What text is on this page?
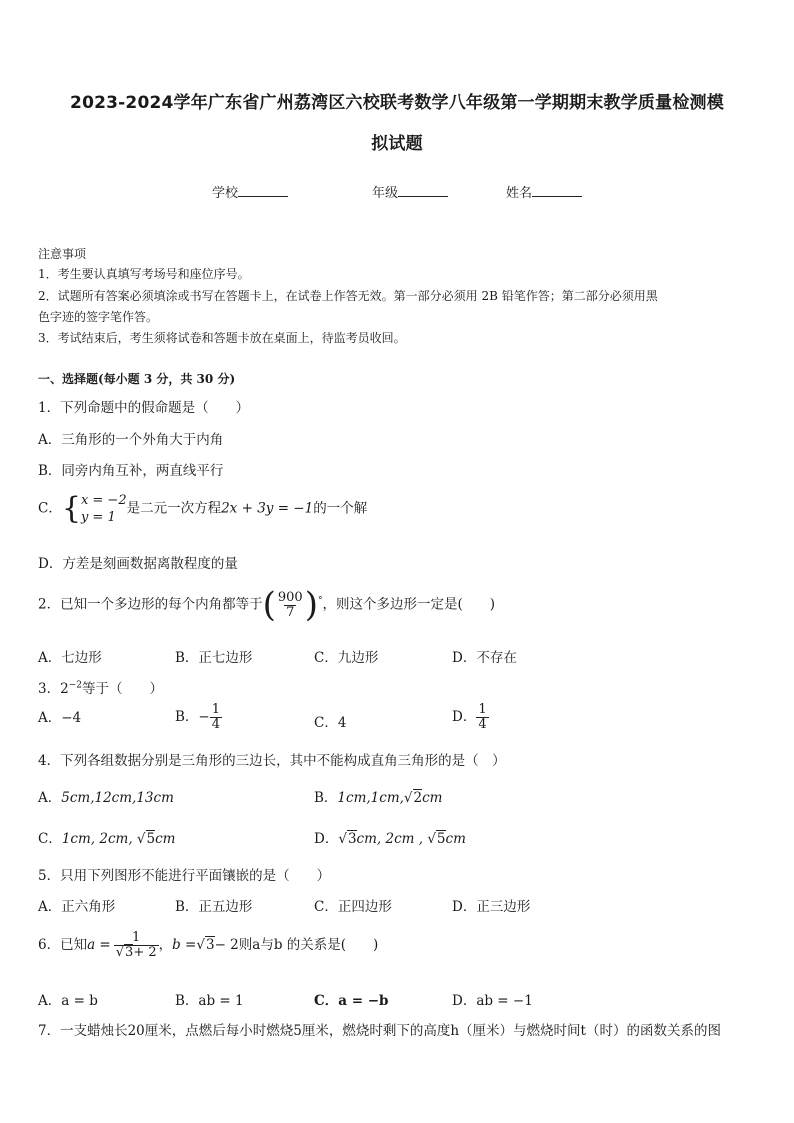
2023-2024学年广东省广州荔湾区六校联考数学八年级第一学期期末教学质量检测模
拟试题
学校	年级	姓名
注意事项
1．考生要认真填写考场号和座位序号。
2．试题所有答案必须填涂或书写在答题卡上，在试卷上作答无效。第一部分必须用 2B 铅笔作答；第二部分必须用黑
色字迹的签字笔作答。
3．考试结束后，考生须将试卷和答题卡放在桌面上，待监考员收回。
一、选择题(每小题 3 分，共 30 分)
1．下列命题中的假命题是（　　）
A．三角形的一个外角大于内角
B．同旁内角互补，两直线平行
C．{ x = −2
y = 1
是二元一次方程2x + 3y = −1的一个解
D．方差是刻画数据离散程度的量
2．已知一个多边形的每个内角都等于( $\frac{900}{7} )^\circ$，则这个多边形一定是(　　)
A．七边形	B．正七边形	C．九边形	D．不存在
3．$2^{-2}$等于（　　）
A．−4	B．− $\frac{1}{4}$	C．4	D． $\frac{1}{4}$
4．下列各组数据分别是三角形的三边长，其中不能构成直角三角形的是（　）
A．5cm,12cm,13cm	B．1cm,1cm,√2cm
C．1cm, 2cm, √5cm	D．√3cm, 2cm , √5cm
5．只用下列图形不能进行平面镶嵌的是（　　）
A．正六角形	B．正五边形	C．正四边形	D．正三边形
6．已知$a = \frac{1}{√3+ 2}$ ，b =√3− 2则a与b 的关系是(　　)
A．a = b	B．ab = 1	C．a = −b	D．ab = −1
7．一支蜡烛长20厘米，点燃后每小时燃烧5厘米，燃烧时剩下的高度h（厘米）与燃烧时间t（时）的函数关系的图
